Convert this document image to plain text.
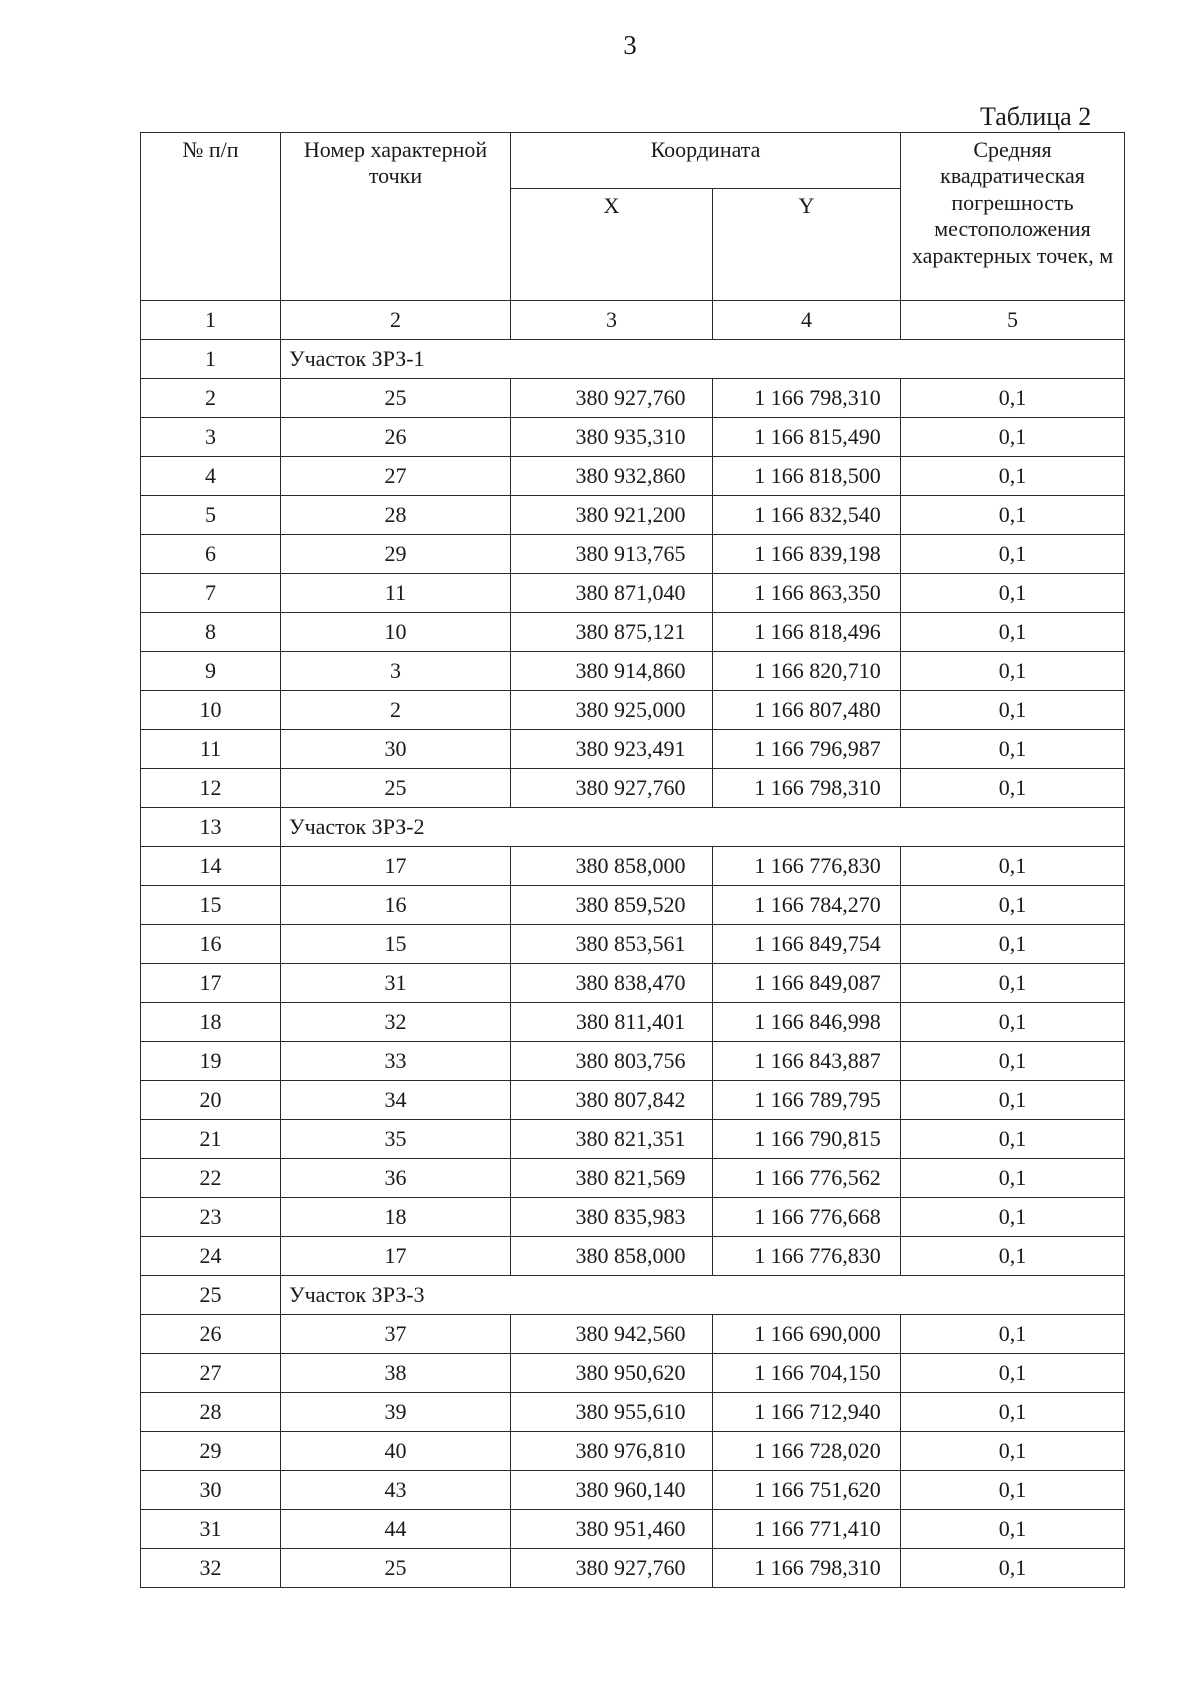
3
Таблица 2
№ п/п	Номер характерной точки	Координата		Средняя квадратическая погрешность местоположения характерных точек, м
		X	Y	
1	2	3	4	5
1	Участок ЗРЗ-1			
2	25	380 927,760	1 166 798,310	0,1
3	26	380 935,310	1 166 815,490	0,1
4	27	380 932,860	1 166 818,500	0,1
5	28	380 921,200	1 166 832,540	0,1
6	29	380 913,765	1 166 839,198	0,1
7	11	380 871,040	1 166 863,350	0,1
8	10	380 875,121	1 166 818,496	0,1
9	3	380 914,860	1 166 820,710	0,1
10	2	380 925,000	1 166 807,480	0,1
11	30	380 923,491	1 166 796,987	0,1
12	25	380 927,760	1 166 798,310	0,1
13	Участок ЗРЗ-2			
14	17	380 858,000	1 166 776,830	0,1
15	16	380 859,520	1 166 784,270	0,1
16	15	380 853,561	1 166 849,754	0,1
17	31	380 838,470	1 166 849,087	0,1
18	32	380 811,401	1 166 846,998	0,1
19	33	380 803,756	1 166 843,887	0,1
20	34	380 807,842	1 166 789,795	0,1
21	35	380 821,351	1 166 790,815	0,1
22	36	380 821,569	1 166 776,562	0,1
23	18	380 835,983	1 166 776,668	0,1
24	17	380 858,000	1 166 776,830	0,1
25	Участок ЗРЗ-3			
26	37	380 942,560	1 166 690,000	0,1
27	38	380 950,620	1 166 704,150	0,1
28	39	380 955,610	1 166 712,940	0,1
29	40	380 976,810	1 166 728,020	0,1
30	43	380 960,140	1 166 751,620	0,1
31	44	380 951,460	1 166 771,410	0,1
32	25	380 927,760	1 166 798,310	0,1
